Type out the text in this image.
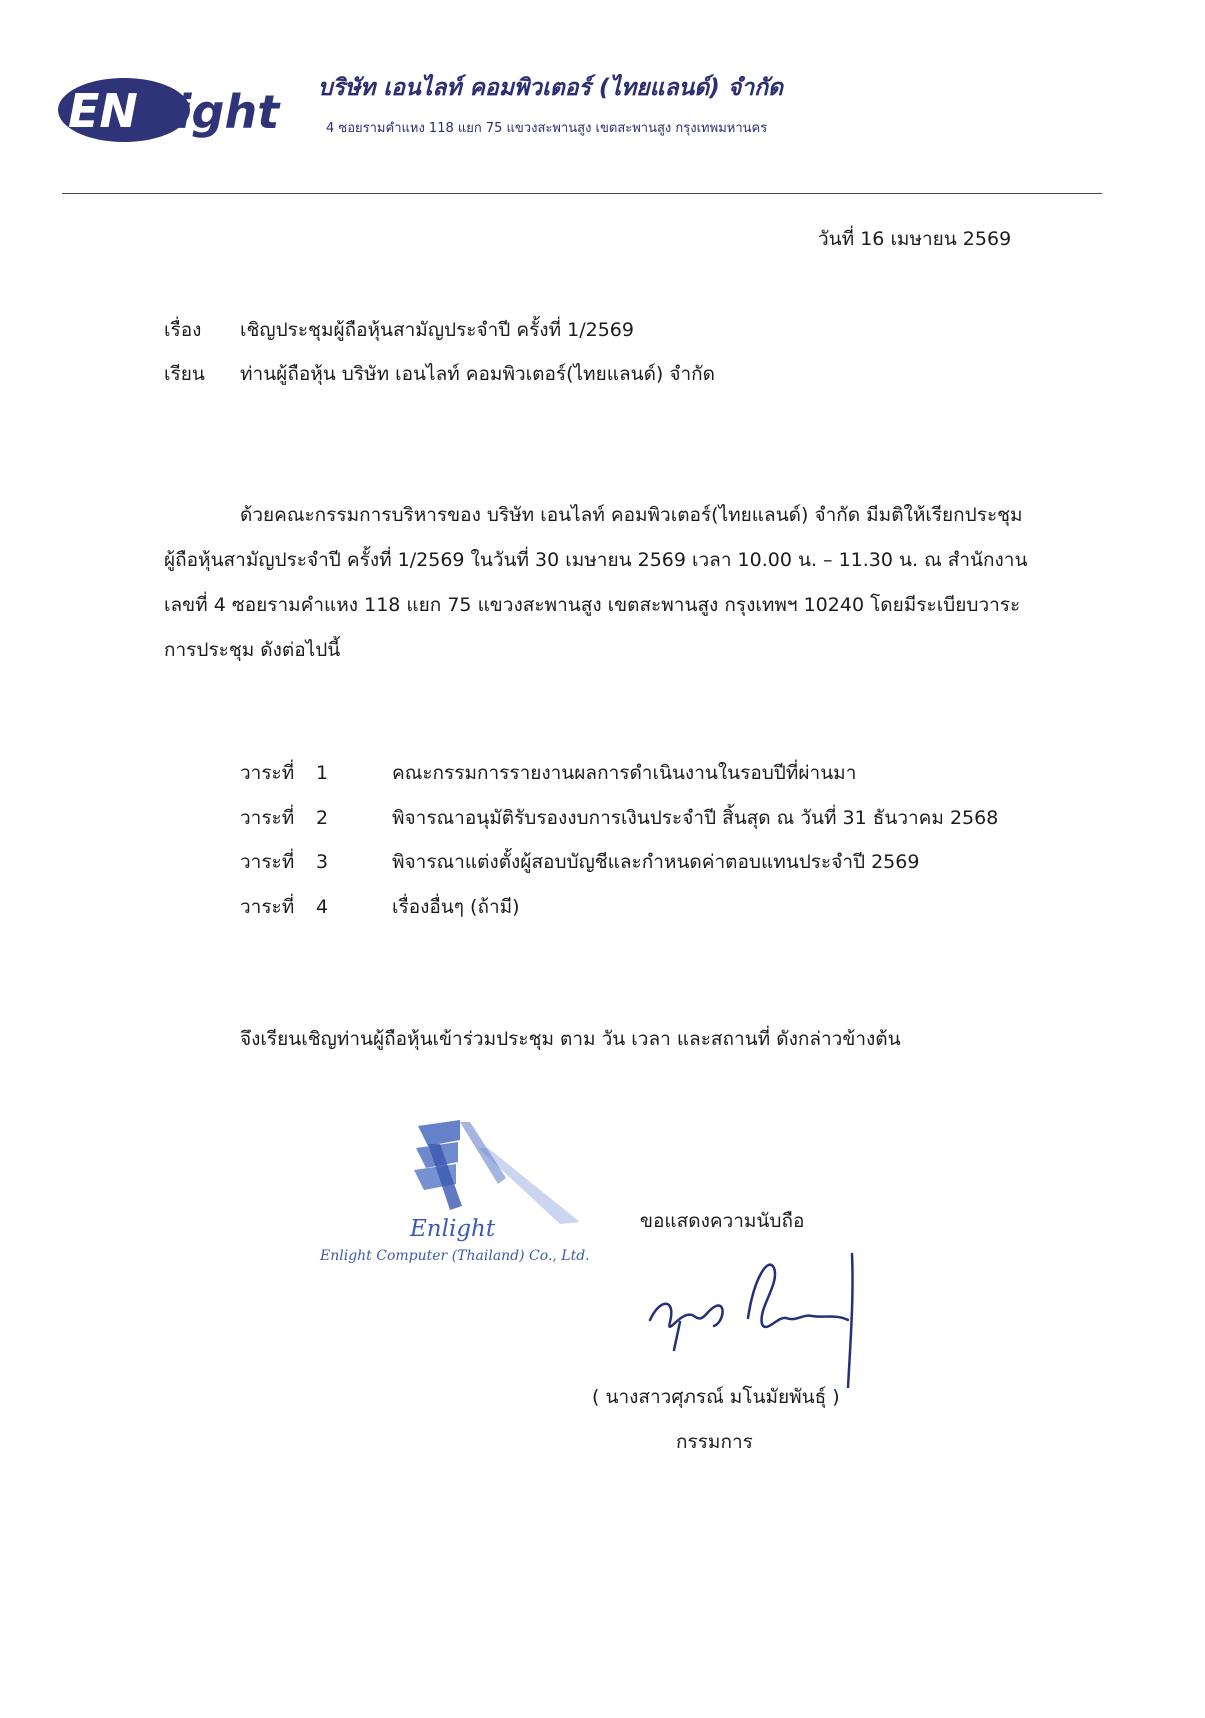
EN light บริษัท เอนไลท์ คอมพิวเตอร์ (ไทยแลนด์) จำกัด
4 ซอยรามคำแหง 118 แยก 75 แขวงสะพานสูง เขตสะพานสูง กรุงเทพมหานคร
วันที่ 16 เมษายน 2569
เรื่อง เชิญประชุมผู้ถือหุ้นสามัญประจำปี ครั้งที่ 1/2569
เรียน ท่านผู้ถือหุ้น บริษัท เอนไลท์ คอมพิวเตอร์(ไทยแลนด์) จำกัด
ด้วยคณะกรรมการบริหารของ บริษัท เอนไลท์ คอมพิวเตอร์(ไทยแลนด์) จำกัด มีมติให้เรียกประชุม
ผู้ถือหุ้นสามัญประจำปี ครั้งที่ 1/2569 ในวันที่ 30 เมษายน 2569 เวลา 10.00 น. – 11.30 น. ณ สำนักงาน
เลขที่ 4 ซอยรามคำแหง 118 แยก 75 แขวงสะพานสูง เขตสะพานสูง กรุงเทพฯ 10240 โดยมีระเบียบวาระ
การประชุม ดังต่อไปนี้
วาระที่ 1	คณะกรรมการรายงานผลการดำเนินงานในรอบปีที่ผ่านมา
วาระที่ 2	พิจารณาอนุมัติรับรองงบการเงินประจำปี สิ้นสุด ณ วันที่ 31 ธันวาคม 2568
วาระที่ 3	พิจารณาแต่งตั้งผู้สอบบัญชีและกำหนดค่าตอบแทนประจำปี 2569
วาระที่ 4	เรื่องอื่นๆ (ถ้ามี)
จึงเรียนเชิญท่านผู้ถือหุ้นเข้าร่วมประชุม ตาม วัน เวลา และสถานที่ ดังกล่าวข้างต้น
Enlight
Enlight Computer (Thailand) Co., Ltd.
ขอแสดงความนับถือ
( นางสาวศุภรณ์ มโนมัยพันธุ์ )
กรรมการ
